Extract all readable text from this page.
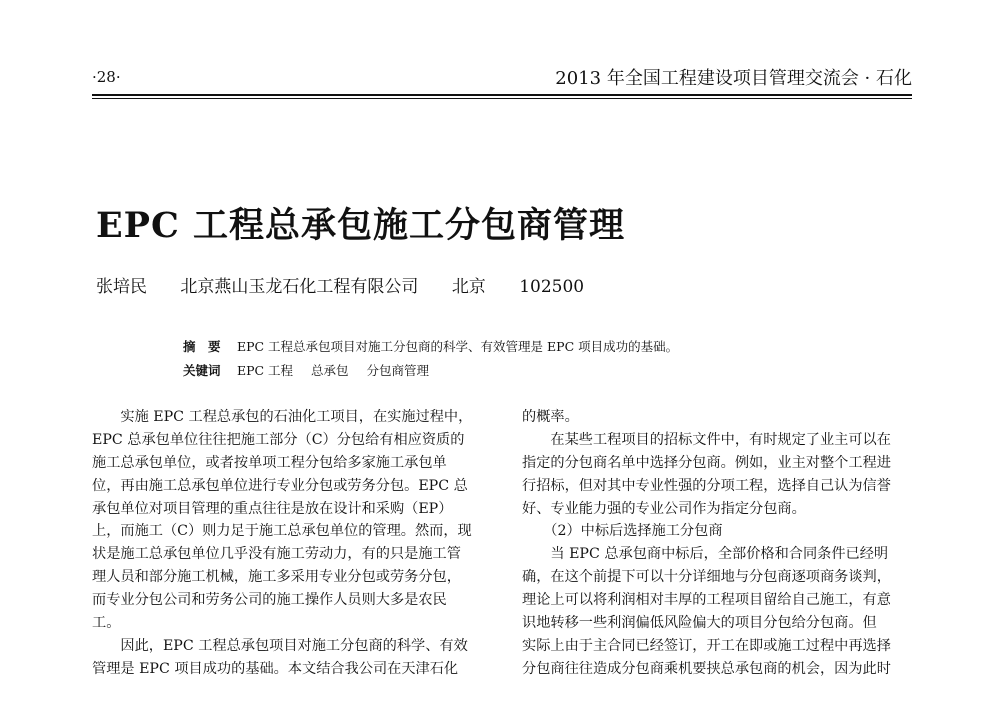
·28·	2013 年全国工程建设项目管理交流会 · 石化
EPC 工程总承包施工分包商管理
张培民 北京燕山玉龙石化工程有限公司 北京 102500
摘　要 EPC 工程总承包项目对施工分包商的科学、有效管理是 EPC 项目成功的基础。
关键词 EPC 工程 总承包 分包商管理
　　实施 EPC 工程总承包的石油化工项目，在实施过程中，
EPC 总承包单位往往把施工部分（C）分包给有相应资质的
施工总承包单位，或者按单项工程分包给多家施工承包单
位，再由施工总承包单位进行专业分包或劳务分包。EPC 总
承包单位对项目管理的重点往往是放在设计和采购（EP）
上，而施工（C）则力足于施工总承包单位的管理。然而，现
状是施工总承包单位几乎没有施工劳动力，有的只是施工管
理人员和部分施工机械，施工多采用专业分包或劳务分包，
而专业分包公司和劳务公司的施工操作人员则大多是农民
工。
　　因此，EPC 工程总承包项目对施工分包商的科学、有效
管理是 EPC 项目成功的基础。本文结合我公司在天津石化
的概率。
　　在某些工程项目的招标文件中，有时规定了业主可以在
指定的分包商名单中选择分包商。例如，业主对整个工程进
行招标，但对其中专业性强的分项工程，选择自己认为信誉
好、专业能力强的专业公司作为指定分包商。
　　（2）中标后选择施工分包商
　　当 EPC 总承包商中标后，全部价格和合同条件已经明
确，在这个前提下可以十分详细地与分包商逐项商务谈判，
理论上可以将利润相对丰厚的工程项目留给自己施工，有意
识地转移一些利润偏低风险偏大的项目分包给分包商。但
实际上由于主合同已经签订，开工在即或施工过程中再选择
分包商往往造成分包商乘机要挟总承包商的机会，因为此时
